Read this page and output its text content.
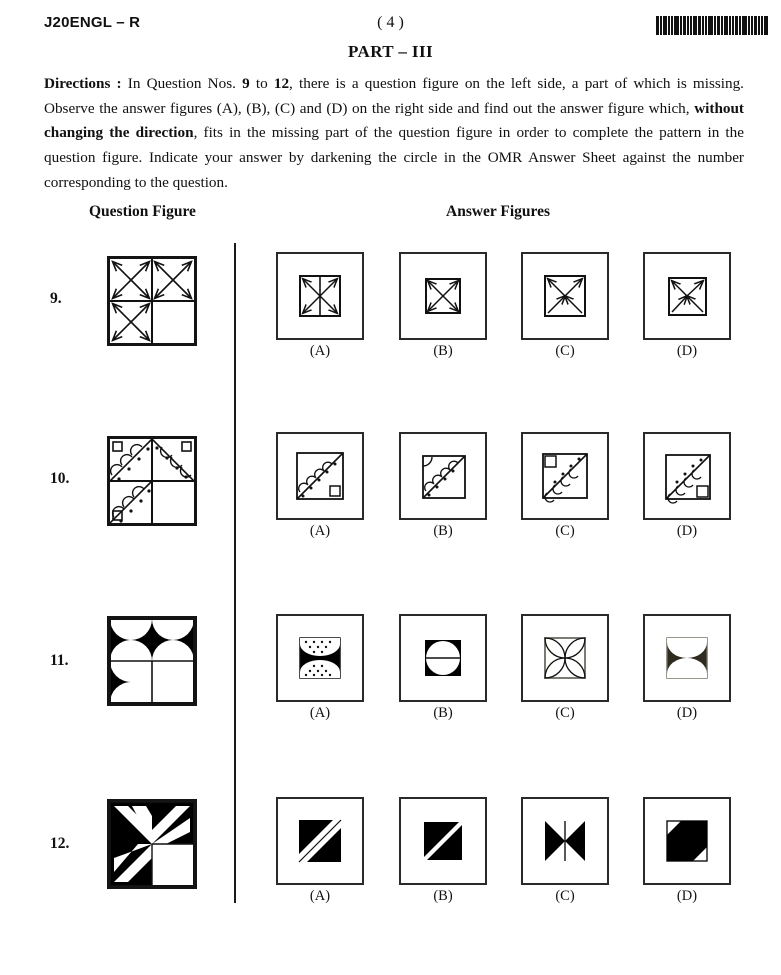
J20ENGL – R	( 4 )
PART – III
Directions : In Question Nos. 9 to 12, there is a question figure on the left side, a part of which is missing. Observe the answer figures (A), (B), (C) and (D) on the right side and find out the answer figure which, without changing the direction, fits in the missing part of the question figure in order to complete the pattern in the question figure. Indicate your answer by darkening the circle in the OMR Answer Sheet against the number corresponding to the question.
Question Figure	Answer Figures
9.
(A)	(B)	(C)	(D)
10.
(A)	(B)	(C)	(D)
11.
(A)	(B)	(C)	(D)
12.
(A)	(B)	(C)	(D)
